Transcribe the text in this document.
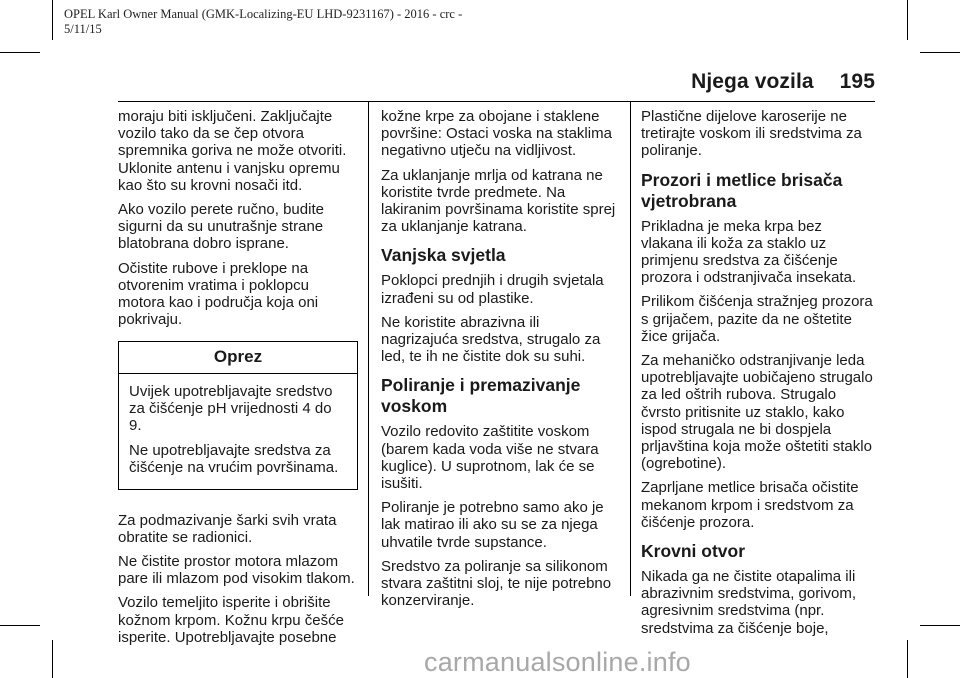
OPEL Karl Owner Manual (GMK-Localizing-EU LHD-9231167) - 2016 - crc -
5/11/15
Njega vozila 195

moraju biti isključeni. Zaključajte vozilo tako da se čep otvora spremnika goriva ne može otvoriti. Uklonite antenu i vanjsku opremu kao što su krovni nosači itd.

Ako vozilo perete ručno, budite sigurni da su unutrašnje strane blatobrana dobro isprane.

Očistite rubove i preklope na otvorenim vratima i poklopcu motora kao i područja koja oni pokrivaju.

Oprez

Uvijek upotrebljavajte sredstvo za čišćenje pH vrijednosti 4 do 9.

Ne upotrebljavajte sredstva za čišćenje na vrućim površinama.

Za podmazivanje šarki svih vrata obratite se radionici.

Ne čistite prostor motora mlazom pare ili mlazom pod visokim tlakom.

Vozilo temeljito isperite i obrišite kožnom krpom. Kožnu krpu češće isperite. Upotrebljavajte posebne

kožne krpe za obojane i staklene površine: Ostaci voska na staklima negativno utječu na vidljivost.

Za uklanjanje mrlja od katrana ne koristite tvrde predmete. Na lakiranim površinama koristite sprej za uklanjanje katrana.

Vanjska svjetla

Poklopci prednjih i drugih svjetala izrađeni su od plastike.

Ne koristite abrazivna ili nagrizajuća sredstva, strugalo za led, te ih ne čistite dok su suhi.

Poliranje i premazivanje voskom

Vozilo redovito zaštitite voskom (barem kada voda više ne stvara kuglice). U suprotnom, lak će se isušiti.

Poliranje je potrebno samo ako je lak matirao ili ako su se za njega uhvatile tvrde supstance.

Sredstvo za poliranje sa silikonom stvara zaštitni sloj, te nije potrebno konzerviranje.

Plastične dijelove karoserije ne tretirajte voskom ili sredstvima za poliranje.

Prozori i metlice brisača vjetrobrana

Prikladna je meka krpa bez vlakana ili koža za staklo uz primjenu sredstva za čišćenje prozora i odstranjivača insekata.

Prilikom čišćenja stražnjeg prozora s grijačem, pazite da ne oštetite žice grijača.

Za mehaničko odstranjivanje leda upotrebljavajte uobičajeno strugalo za led oštrih rubova. Strugalo čvrsto pritisnite uz staklo, kako ispod strugala ne bi dospjela prljavština koja može oštetiti staklo (ogrebotine).

Zaprljane metlice brisača očistite mekanom krpom i sredstvom za čišćenje prozora.

Krovni otvor

Nikada ga ne čistite otapalima ili abrazivnim sredstvima, gorivom, agresivnim sredstvima (npr. sredstvima za čišćenje boje,

carmanualsonline.info
